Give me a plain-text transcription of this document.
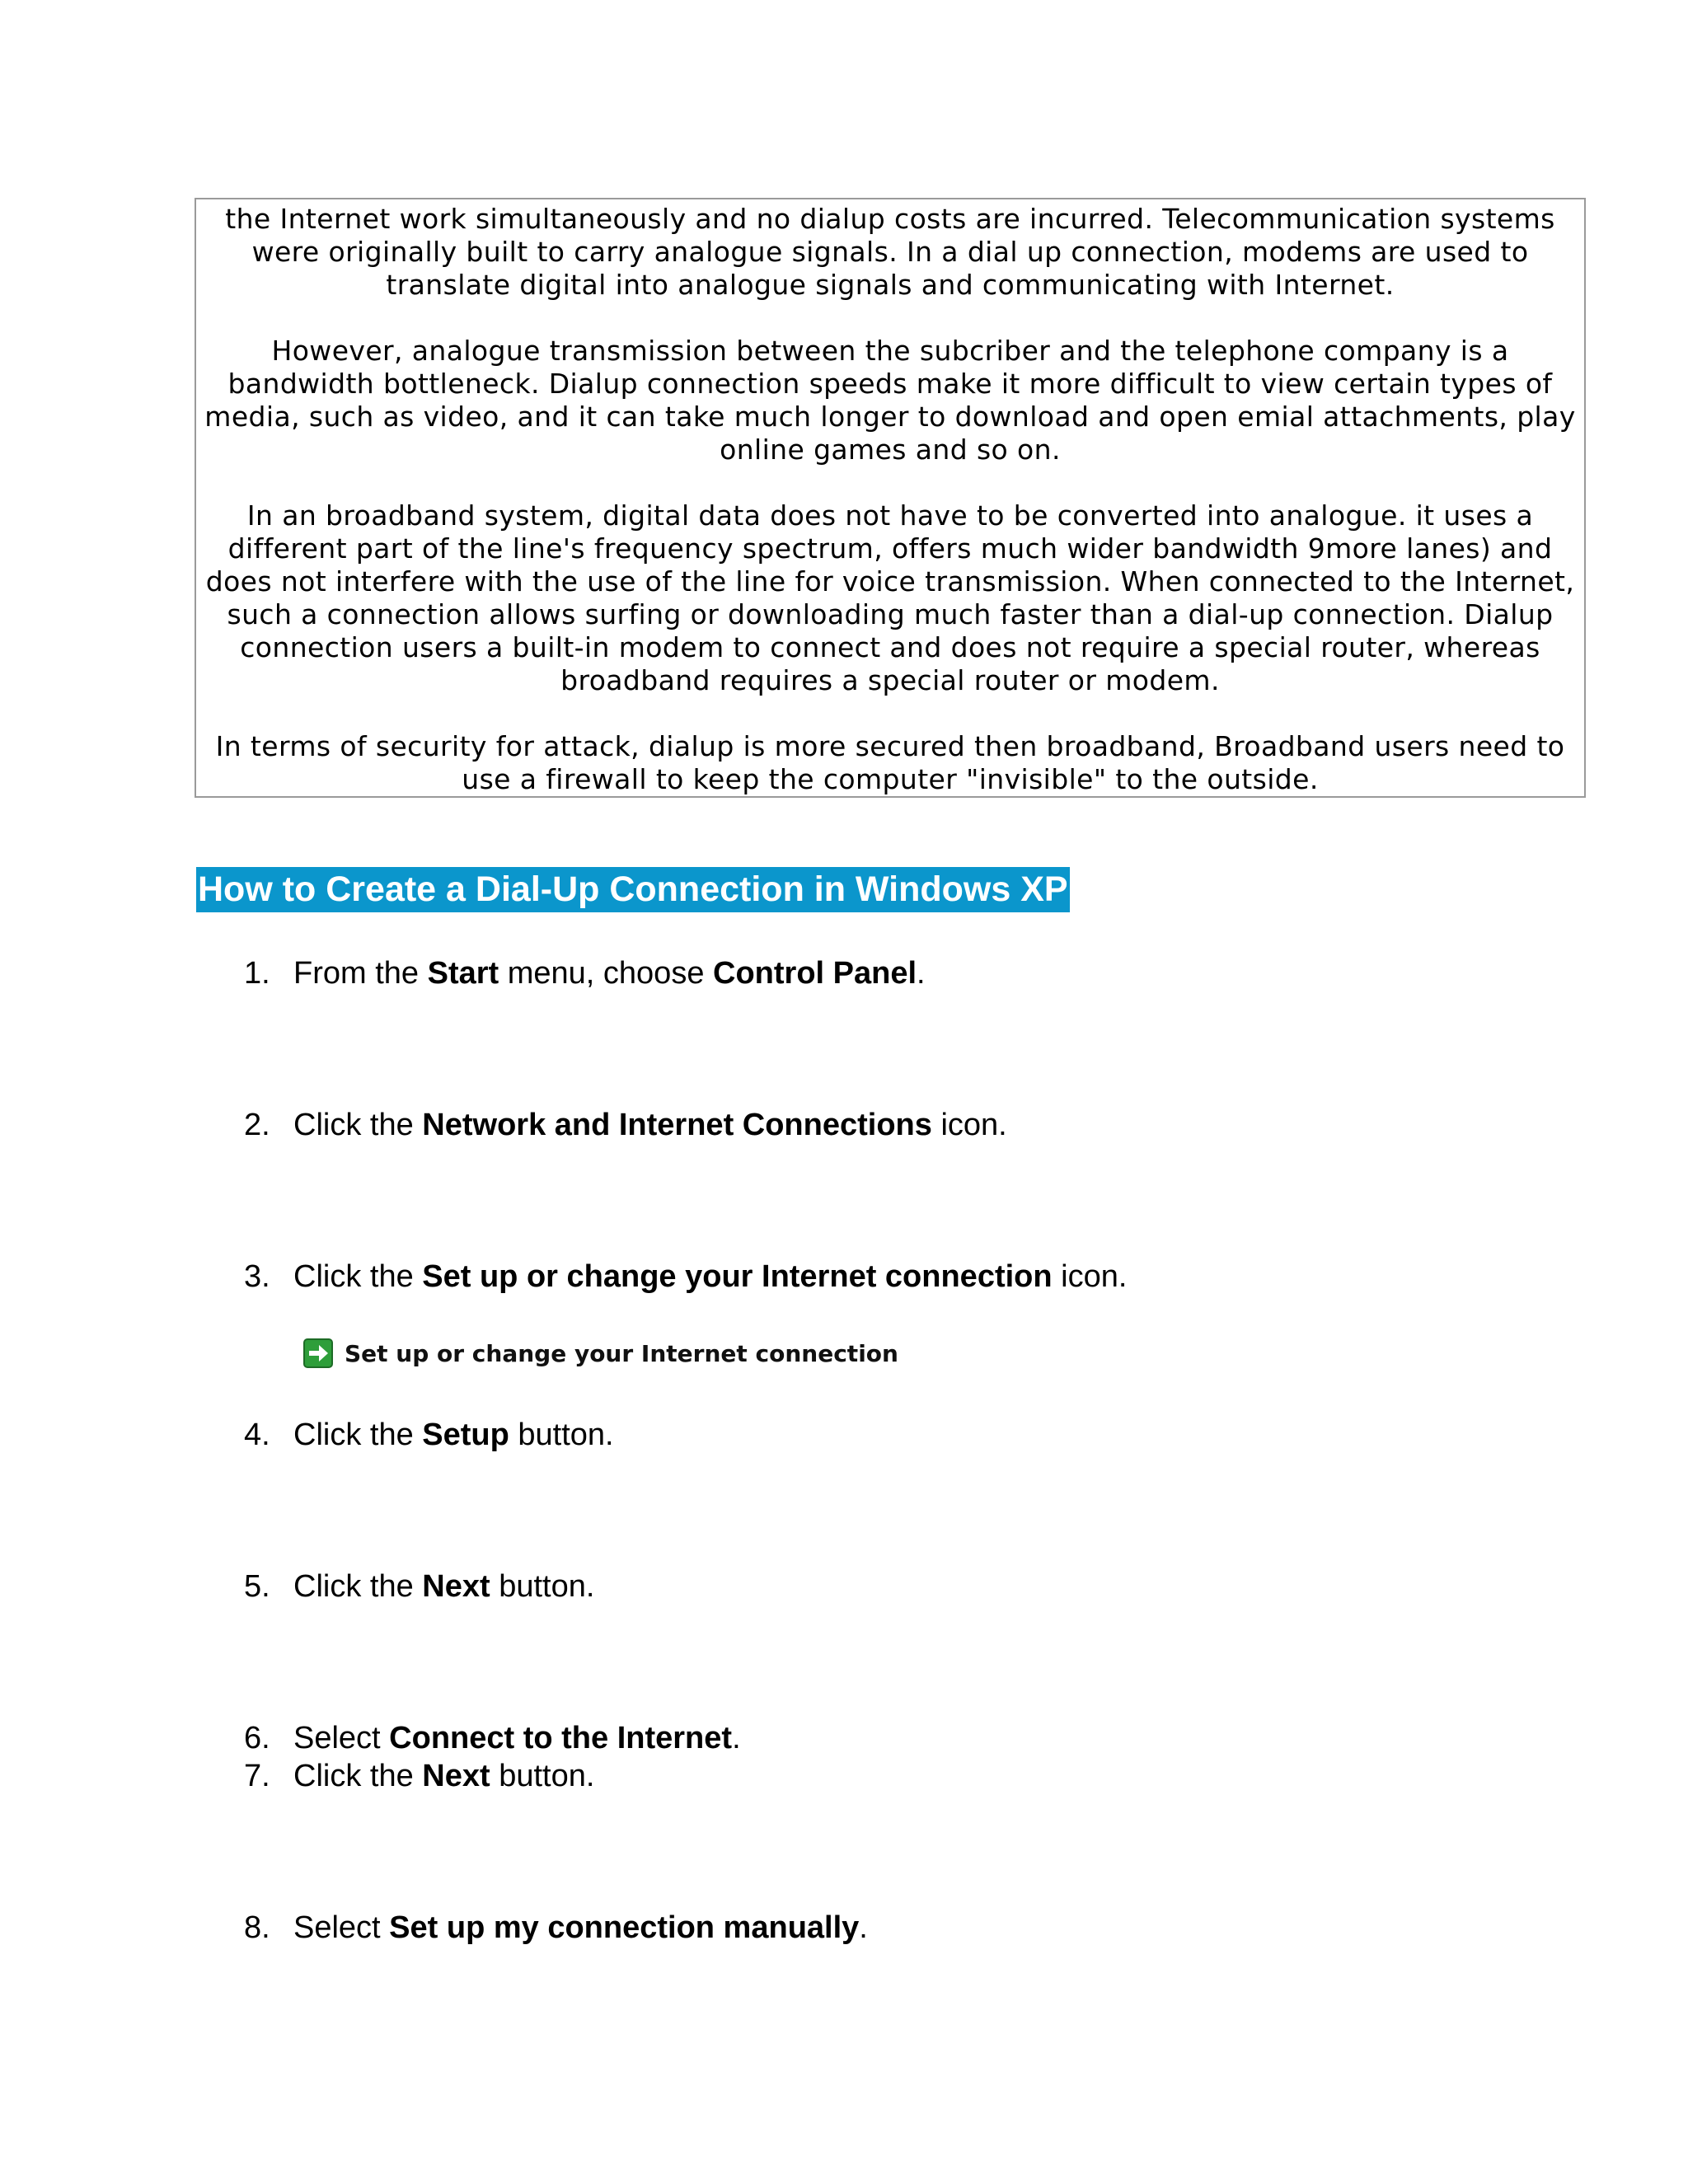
the Internet work simultaneously and no dialup costs are incurred. Telecommunication systems were originally built to carry analogue signals. In a dial up connection, modems are used to translate digital into analogue signals and communicating with Internet.

However, analogue transmission between the subcriber and the telephone company is a bandwidth bottleneck. Dialup connection speeds make it more difficult to view certain types of media, such as video, and it can take much longer to download and open emial attachments, play online games and so on.

In an broadband system, digital data does not have to be converted into analogue. it uses a different part of the line's frequency spectrum, offers much wider bandwidth 9more lanes) and does not interfere with the use of the line for voice transmission. When connected to the Internet, such a connection allows surfing or downloading much faster than a dial-up connection. Dialup connection users a built-in modem to connect and does not require a special router, whereas broadband requires a special router or modem.

In terms of security for attack, dialup is more secured then broadband, Broadband users need to use a firewall to keep the computer "invisible" to the outside.

How to Create a Dial-Up Connection in Windows XP
1. From the Start menu, choose Control Panel.
2. Click the Network and Internet Connections icon.
3. Click the Set up or change your Internet connection icon.
Set up or change your Internet connection
4. Click the Setup button.
5. Click the Next button.
6. Select Connect to the Internet.
7. Click the Next button.
8. Select Set up my connection manually.
